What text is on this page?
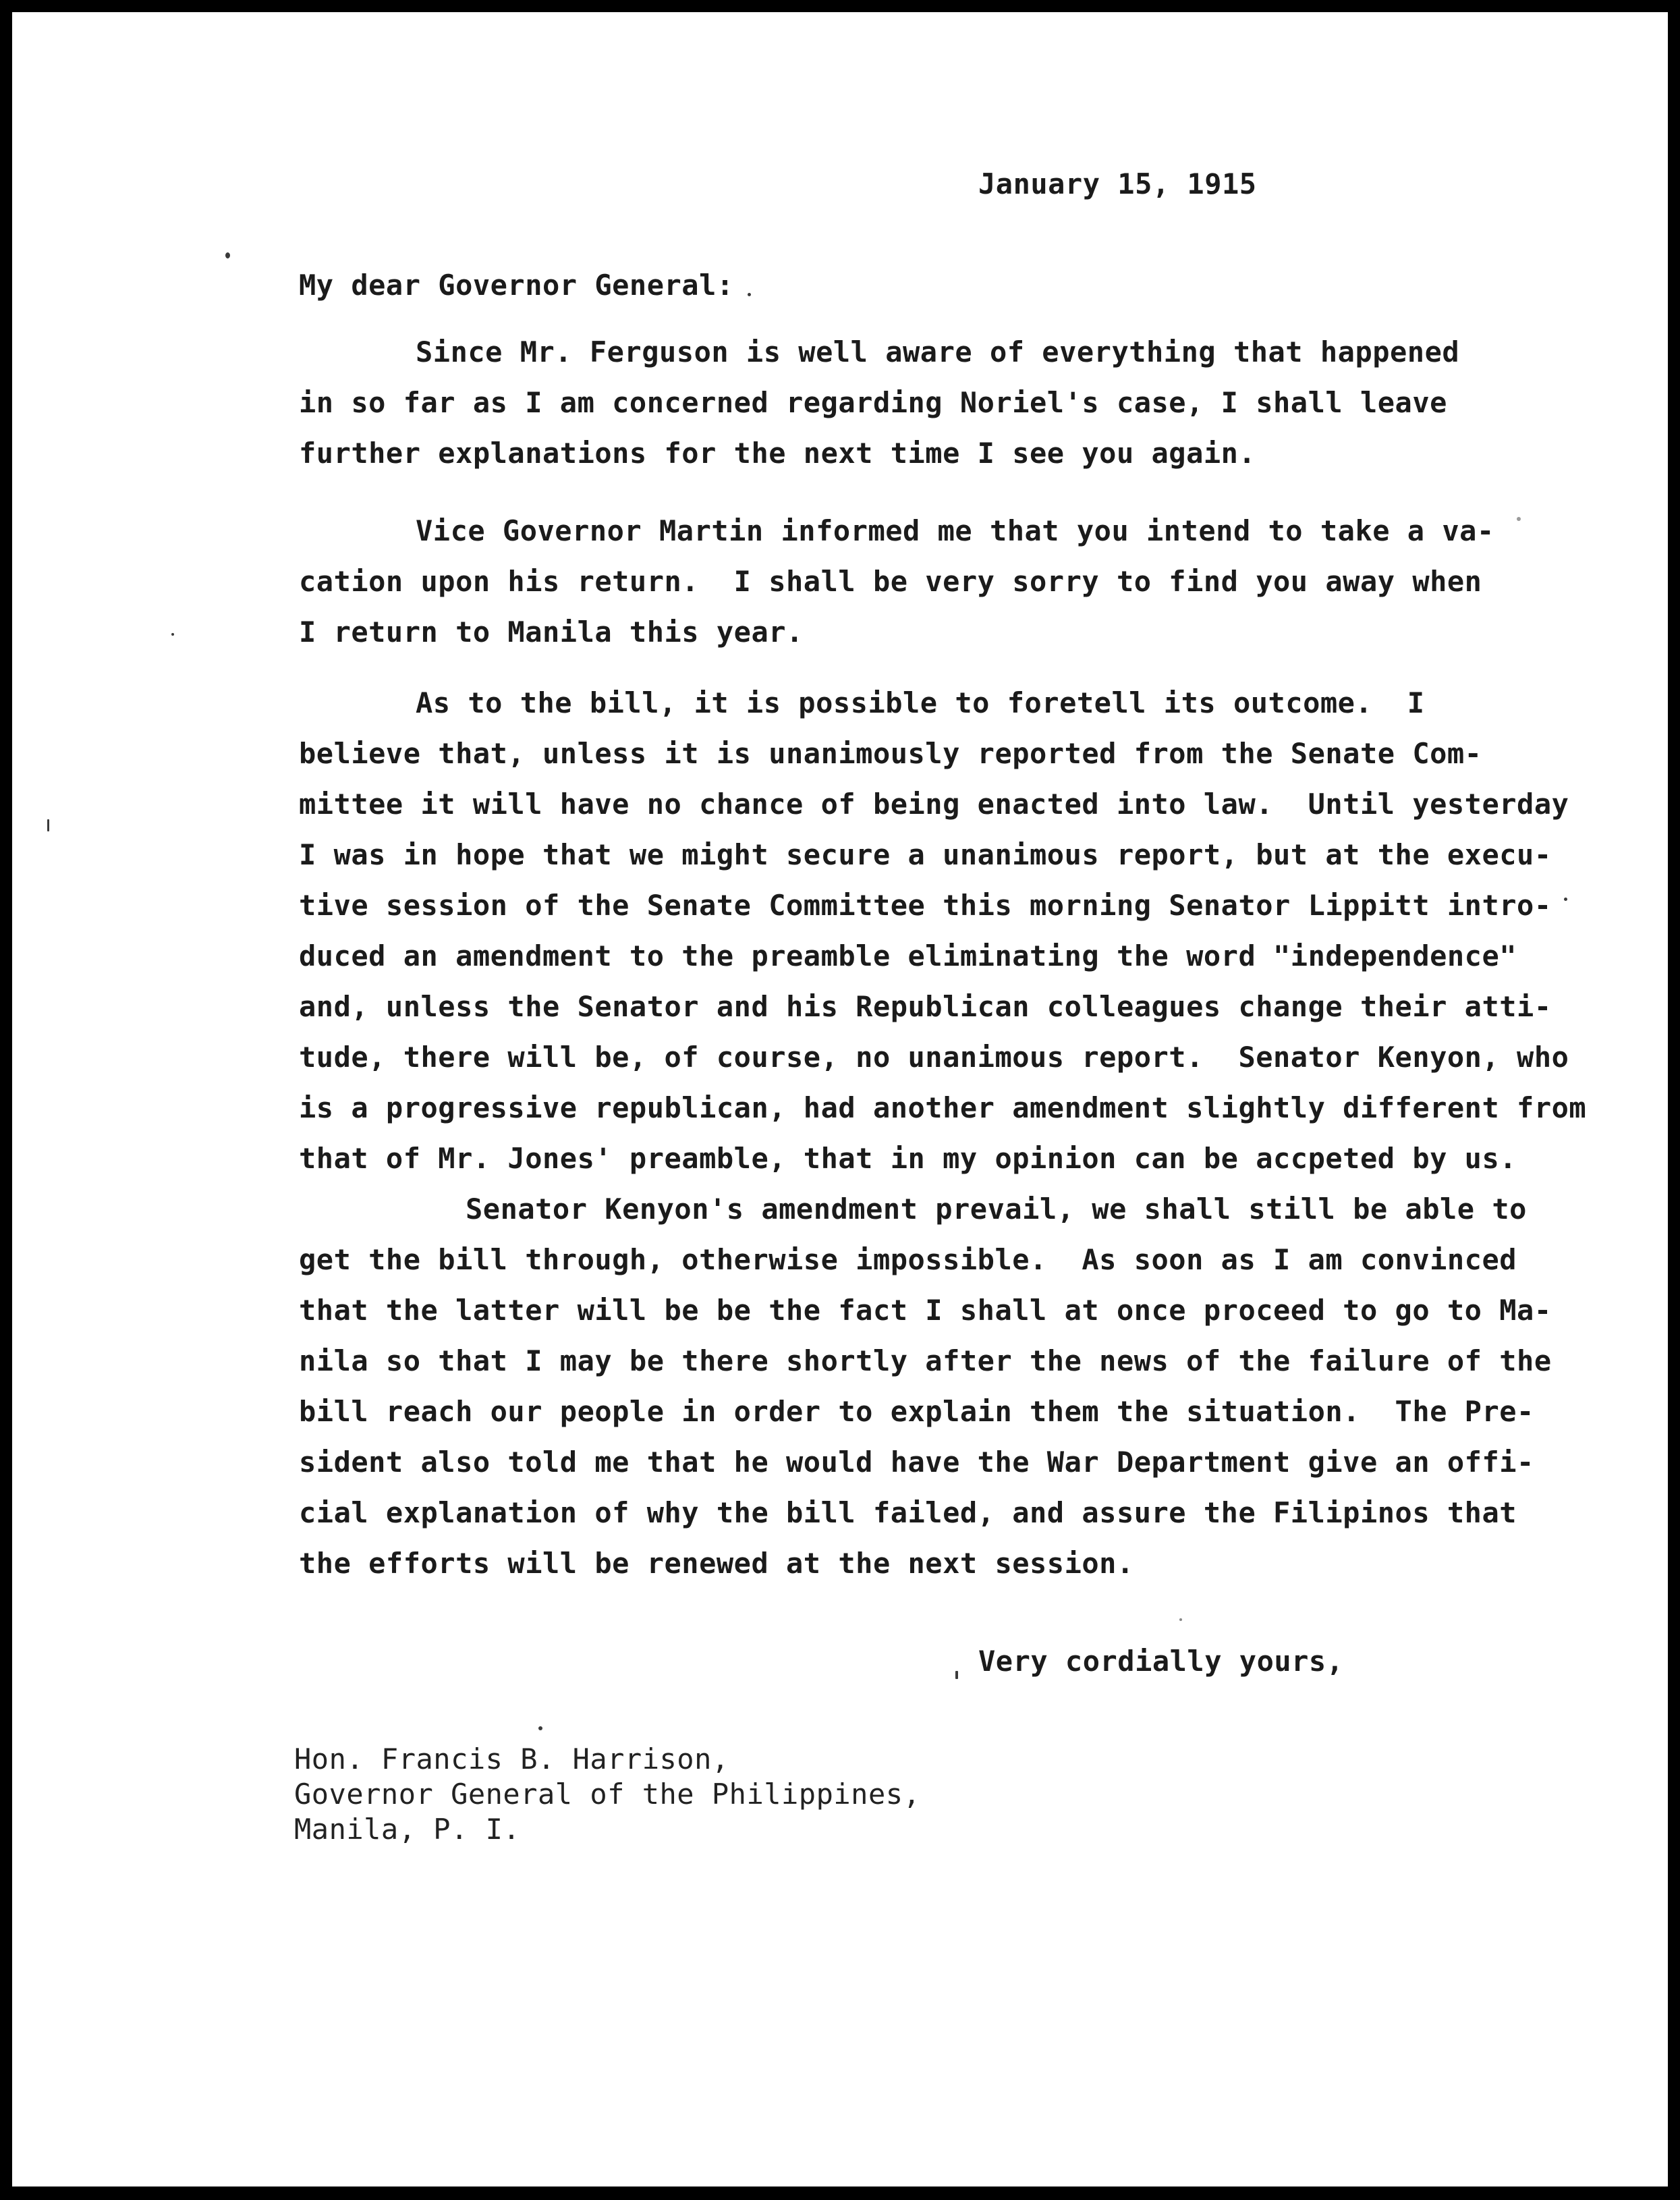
January 15, 1915
My dear Governor General:
Since Mr. Ferguson is well aware of everything that happened
in so far as I am concerned regarding Noriel's case, I shall leave
further explanations for the next time I see you again.
Vice Governor Martin informed me that you intend to take a va-
cation upon his return.  I shall be very sorry to find you away when
I return to Manila this year.
As to the bill, it is possible to foretell its outcome.  I
believe that, unless it is unanimously reported from the Senate Com-
mittee it will have no chance of being enacted into law.  Until yesterday
I was in hope that we might secure a unanimous report, but at the execu-
tive session of the Senate Committee this morning Senator Lippitt intro-
duced an amendment to the preamble eliminating the word "independence"
and, unless the Senator and his Republican colleagues change their atti-
tude, there will be, of course, no unanimous report.  Senator Kenyon, who
is a progressive republican, had another amendment slightly different from
that of Mr. Jones' preamble, that in my opinion can be accpeted by us.
Senator Kenyon's amendment prevail, we shall still be able to
get the bill through, otherwise impossible.  As soon as I am convinced
that the latter will be be the fact I shall at once proceed to go to Ma-
nila so that I may be there shortly after the news of the failure of the
bill reach our people in order to explain them the situation.  The Pre-
sident also told me that he would have the War Department give an offi-
cial explanation of why the bill failed, and assure the Filipinos that
the efforts will be renewed at the next session.
Very cordially yours,
Hon. Francis B. Harrison,
Governor General of the Philippines,
Manila, P. I.
